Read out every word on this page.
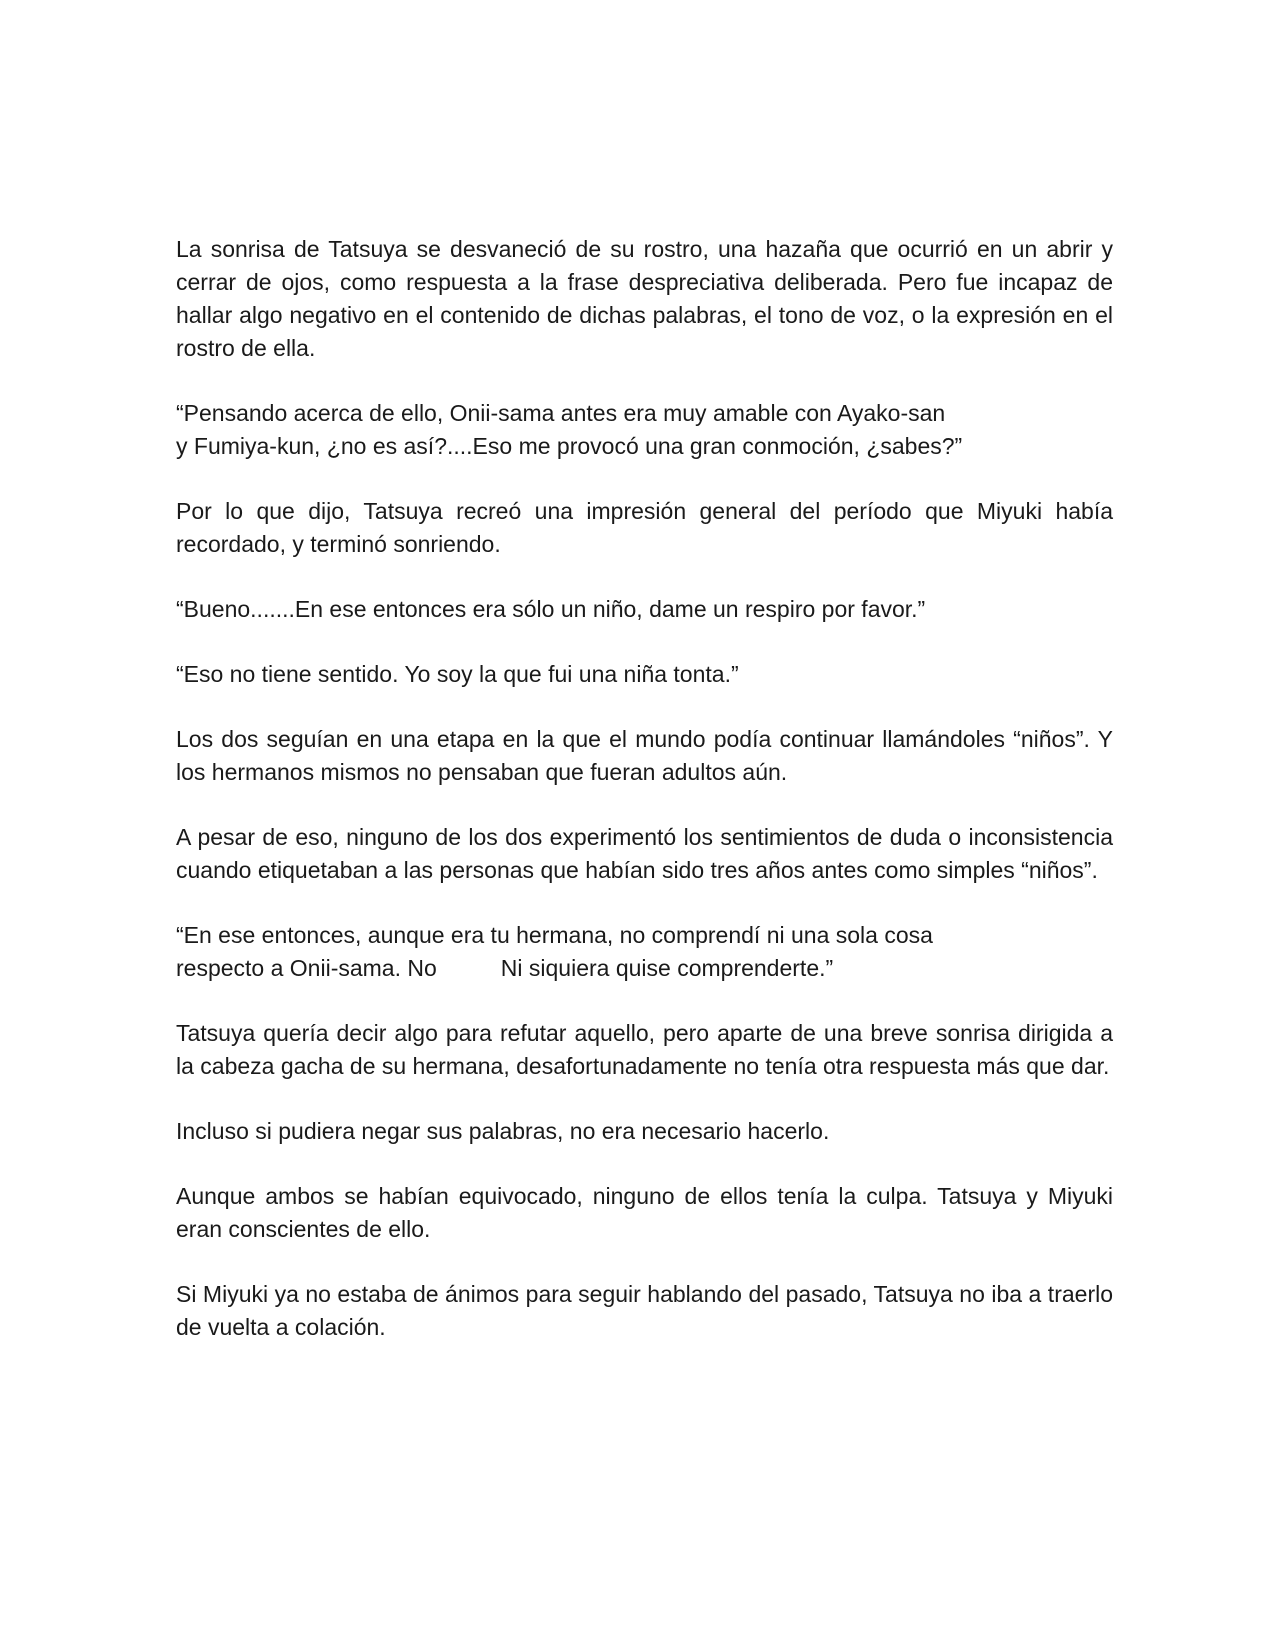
La sonrisa de Tatsuya se desvaneció de su rostro, una hazaña que ocurrió en un abrir y cerrar de ojos, como respuesta a la frase despreciativa deliberada. Pero fue incapaz de hallar algo negativo en el contenido de dichas palabras, el tono de voz, o la expresión en el rostro de ella.

“Pensando acerca de ello, Onii-sama antes era muy amable con Ayako-san
y Fumiya-kun, ¿no es así?....Eso me provocó una gran conmoción, ¿sabes?”

Por lo que dijo, Tatsuya recreó una impresión general del período que Miyuki había recordado, y terminó sonriendo.

“Bueno.......En ese entonces era sólo un niño, dame un respiro por favor.”

“Eso no tiene sentido. Yo soy la que fui una niña tonta.”

Los dos seguían en una etapa en la que el mundo podía continuar llamándoles “niños”. Y los hermanos mismos no pensaban que fueran adultos aún.

A pesar de eso, ninguno de los dos experimentó los sentimientos de duda o inconsistencia cuando etiquetaban a las personas que habían sido tres años antes como simples “niños”.

“En ese entonces, aunque era tu hermana, no comprendí ni una sola cosa
respecto a Onii-sama. No	Ni siquiera quise comprenderte.”

Tatsuya quería decir algo para refutar aquello, pero aparte de una breve sonrisa dirigida a la cabeza gacha de su hermana, desafortunadamente no tenía otra respuesta más que dar.

Incluso si pudiera negar sus palabras, no era necesario hacerlo.

Aunque ambos se habían equivocado, ninguno de ellos tenía la culpa. Tatsuya y Miyuki eran conscientes de ello.

Si Miyuki ya no estaba de ánimos para seguir hablando del pasado, Tatsuya no iba a traerlo de vuelta a colación.
